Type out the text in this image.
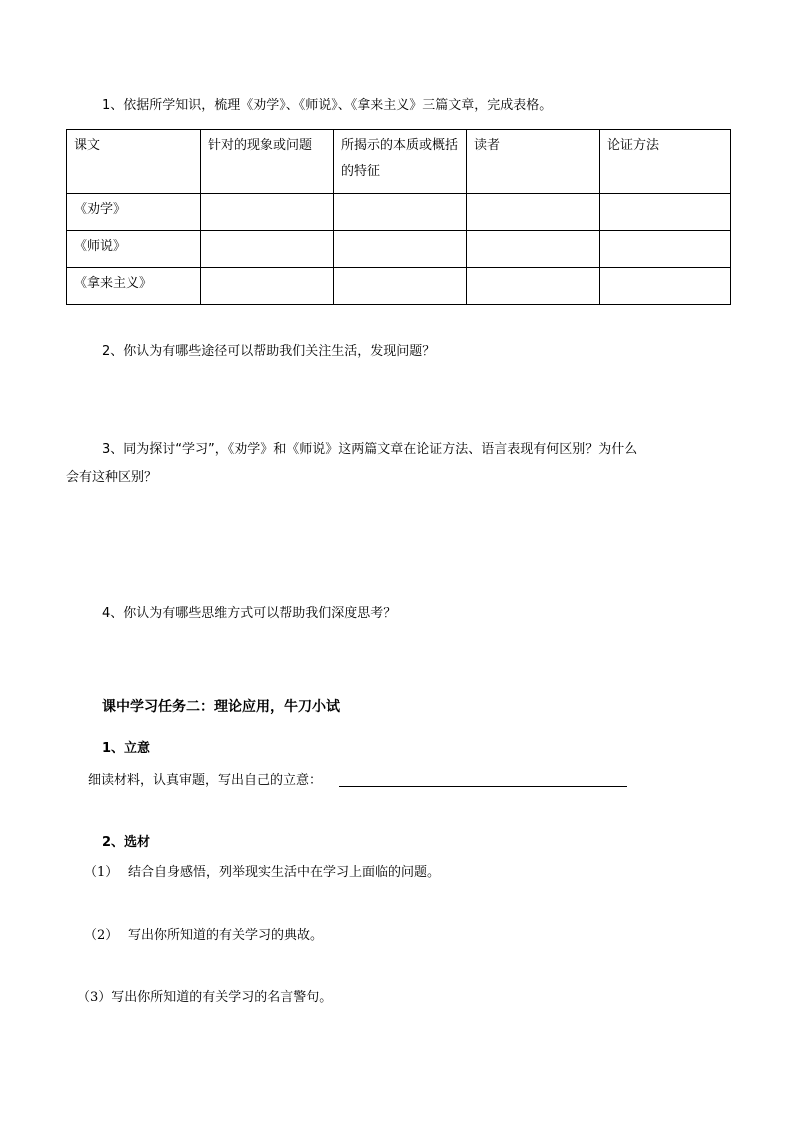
1、依据所学知识，梳理《劝学》、《师说》、《拿来主义》三篇文章，完成表格。
课文	针对的现象或问题	所揭示的本质或概括的特征	读者	论证方法
《劝学》				
《师说》				
《拿来主义》				
2、你认为有哪些途径可以帮助我们关注生活，发现问题？
3、同为探讨“学习”，《劝学》和《师说》这两篇文章在论证方法、语言表现有何区别？为什么
会有这种区别？
4、你认为有哪些思维方式可以帮助我们深度思考？
课中学习任务二：理论应用，牛刀小试
1、立意
细读材料，认真审题，写出自己的立意：
2、选材
（1） 结合自身感悟，列举现实生活中在学习上面临的问题。
（2） 写出你所知道的有关学习的典故。
（3）写出你所知道的有关学习的名言警句。
